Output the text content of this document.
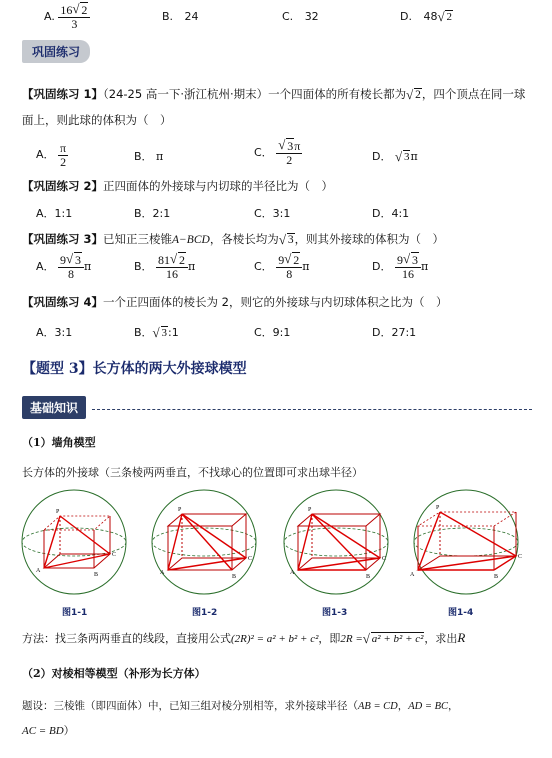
A. $\frac{16 √ 2}{3}$	B. 24	C. 32	D. 48 √ 2
巩固练习
【巩固练习 1】（24-25 高一下·浙江杭州·期末）一个四面体的所有棱长都为 √ 2，四个顶点在同一球
面上，则此球的体积为（　）
A． $\frac{\pi}{2}$	B． π	C． $\frac{√ 3\pi}{2}$	D． √ 3π
【巩固练习 2】正四面体的外接球与内切球的半径比为（　）
A．1:1	B．2:1	C．3:1	D．4:1
【巩固练习 3】已知正三棱锥A−BCD，各棱长均为 √ 3，则其外接球的体积为（　）
A． $\frac{9 √ 3}{8}$ π	B． $\frac{81 √ 2}{16}$ π	C． $\frac{9 √ 2}{8}$ π	D． $\frac{9 √ 3}{16}$ π
【巩固练习 4】一个正四面体的棱长为 2，则它的外接球与内切球体积之比为（　）
A．3:1	B． √ 3:1	C．9:1	D．27:1
【题型 3】长方体的两大外接球模型
基础知识
（1）墙角模型
长方体的外接球（三条棱两两垂直，不找球心的位置即可求出球半径）
P
A
C
B
P
A
C
B
P
A
C
B
P
A
C
B
图1-1	图1-2	图1-3	图1-4
方法：找三条两两垂直的线段，直接用公式(2R)² = a² + b² + c²，即2R = √ a² + b² + c²，求出R
（2）对棱相等模型（补形为长方体）
题设：三棱锥（即四面体）中，已知三组对棱分别相等，求外接球半径（AB = CD，AD = BC，
AC = BD）
